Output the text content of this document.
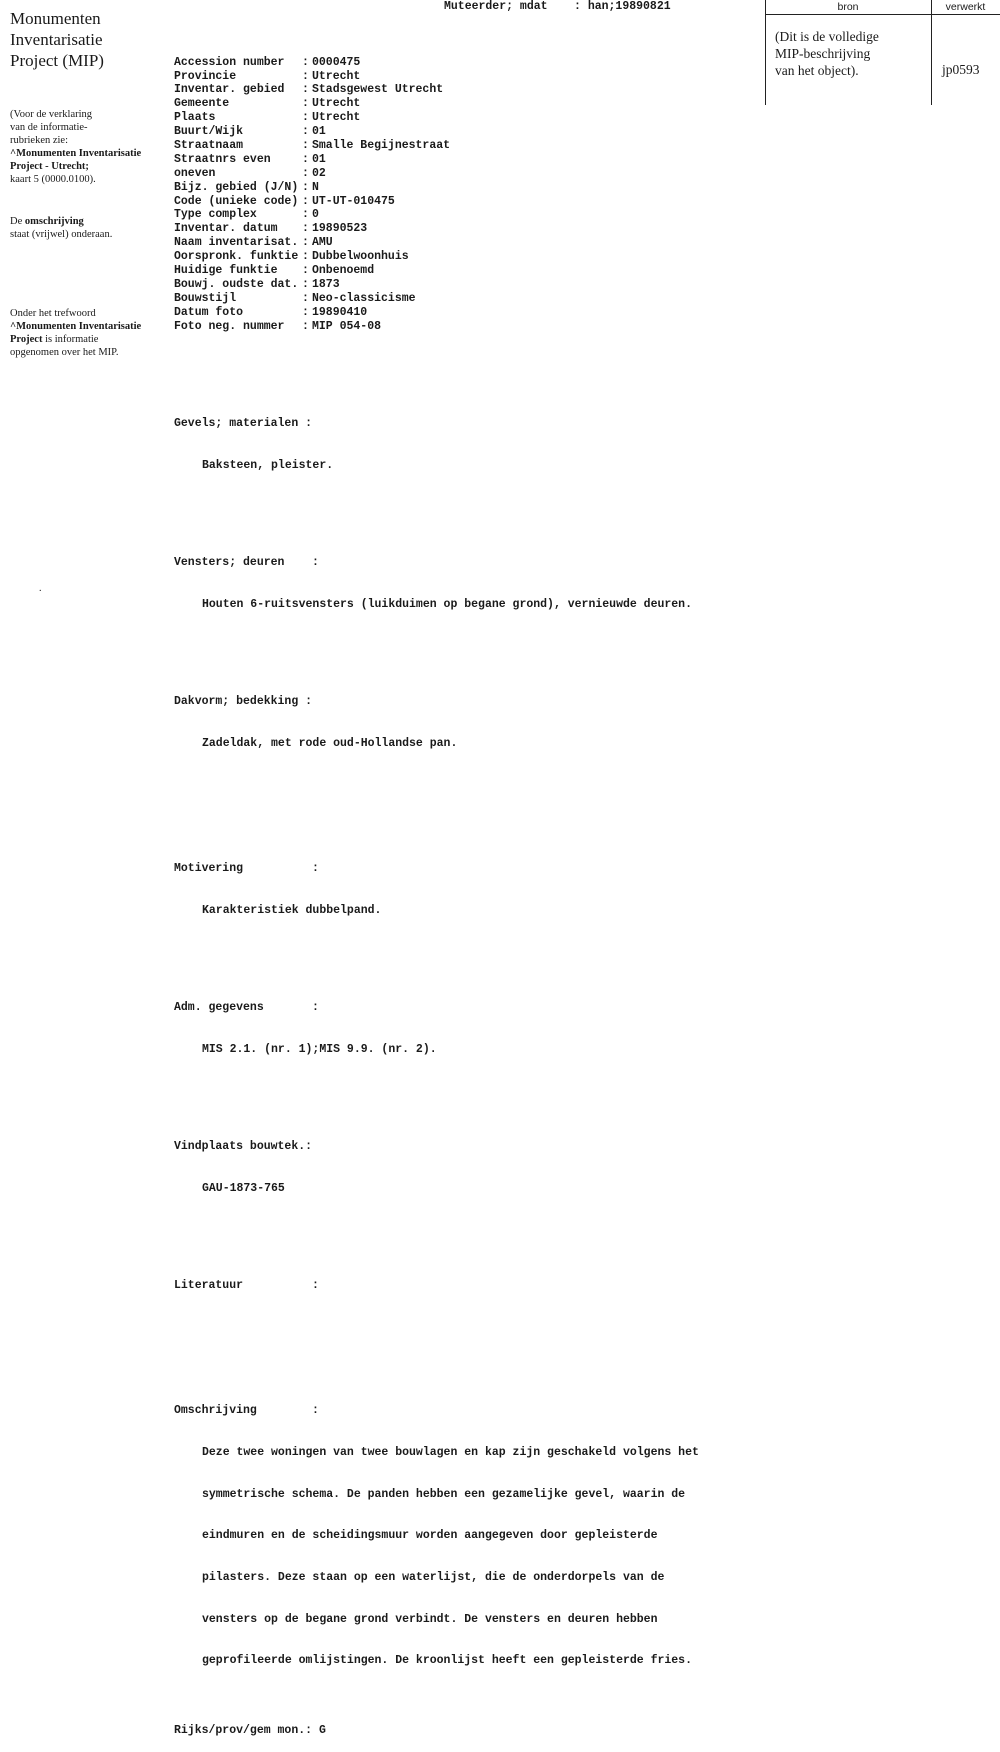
Monumenten
Inventarisatie
Project (MIP)
(Voor de verklaring
van de informatie-
rubrieken zie:
^Monumenten Inventarisatie
Project - Utrecht;
kaart 5 (0000.0100).
De omschrijving
staat (vrijwel) onderaan.
Onder het trefwoord
^Monumenten Inventarisatie
Project is informatie
opgenomen over het MIP.
.

Muteerder; mdat : han;19890821

Accession number : 0000475
Provincie	: Utrecht
Inventar. gebied : Stadsgewest Utrecht
Gemeente	: Utrecht
Plaats	: Utrecht
Buurt/Wijk	: 01
Straatnaam	: Smalle Begijnestraat
Straatnrs even	: 01
oneven	: 02
Bijz. gebied (J/N) : N
Code (unieke code) : UT-UT-010475
Type complex	: 0
Inventar. datum : 19890523
Naam inventarisat. : AMU
Oorspronk. funktie : Dubbelwoonhuis
Huidige funktie : Onbenoemd
Bouwj. oudste dat. : 1873
Bouwstijl	: Neo-classicisme
Datum foto	: 19890410
Foto neg. nummer : MIP 054-08

Gevels; materialen :

Baksteen, pleister.

Vensters; deuren    :

Houten 6-ruitsvensters (luikduimen op begane grond), vernieuwde deuren.

Dakvorm; bedekking :

Zadeldak, met rode oud-Hollandse pan.

Motivering          :

Karakteristiek dubbelpand.

Adm. gegevens       :

MIS 2.1. (nr. 1);MIS 9.9. (nr. 2).

Vindplaats bouwtek.:

GAU-1873-765

Literatuur          :

Omschrijving        :

Deze twee woningen van twee bouwlagen en kap zijn geschakeld volgens het

symmetrische schema. De panden hebben een gezamelijke gevel, waarin de

eindmuren en de scheidingsmuur worden aangegeven door gepleisterde

pilasters. Deze staan op een waterlijst, die de onderdorpels van de

vensters op de begane grond verbindt. De vensters en deuren hebben

geprofileerde omlijstingen. De kroonlijst heeft een gepleisterde fries.

Rijks/prov/gem mon.: G

bron	verwerkt
(Dit is de volledige
MIP-beschrijving
van het object).	jp0593
